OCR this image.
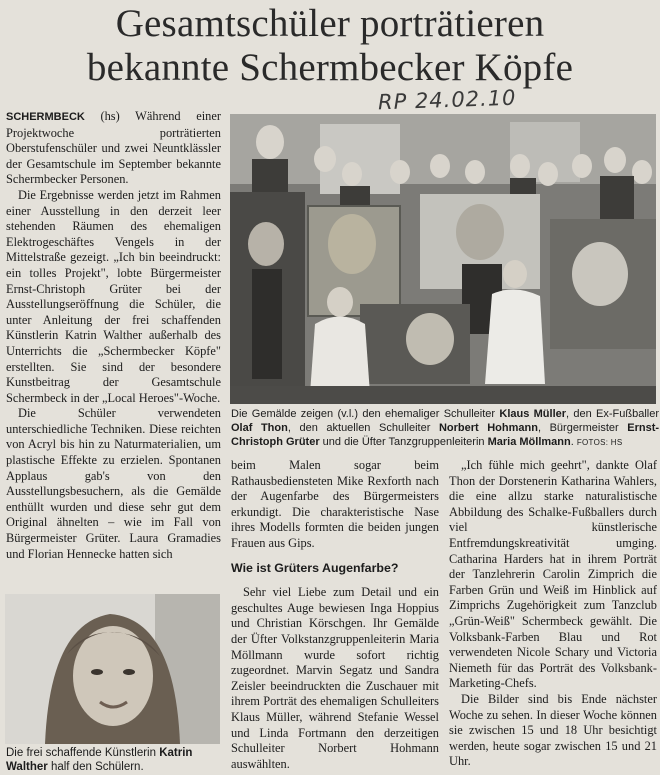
Gesamtschüler porträtieren
bekannte Schermbecker Köpfe
RP 24.02.10

SCHERMBECK (hs) Während einer Projektwoche porträtierten Oberstufenschüler und zwei Neuntklässler der Gesamtschule im September bekannte Schermbecker Personen.

Die Ergebnisse werden jetzt im Rahmen einer Ausstellung in den derzeit leer stehenden Räumen des ehemaligen Elektrogeschäftes Vengels in der Mittelstraße gezeigt. „Ich bin beeindruckt: ein tolles Projekt", lobte Bürgermeister Ernst-Christoph Grüter bei der Ausstellungseröffnung die Schüler, die unter Anleitung der frei schaffenden Künstlerin Katrin Walther außerhalb des Unterrichts die „Schermbecker Köpfe" erstellten. Sie sind der besondere Kunstbeitrag der Gesamtschule Schermbeck in der „Local Heroes"-Woche.

Die Schüler verwendeten unterschiedliche Techniken. Diese reichten von Acryl bis hin zu Naturmaterialien, um plastische Effekte zu erzielen. Spontanen Applaus gab's von den Ausstellungsbesuchern, als die Gemälde enthüllt wurden und diese sehr gut dem Original ähnelten – wie im Fall von Bürgermeister Grüter. Laura Gramadies und Florian Hennecke hatten sich

Die Gemälde zeigen (v.l.) den ehemaliger Schulleiter Klaus Müller, den Ex-Fußballer Olaf Thon, den aktuellen Schulleiter Norbert Hohmann, Bürgermeister Ernst-Christoph Grüter und die Üfter Tanzgruppenleiterin Maria Möllmann. FOTOS: HS

beim Malen sogar beim Rathausbediensteten Mike Rexforth nach der Augenfarbe des Bürgermeisters erkundigt. Die charakteristische Nase ihres Modells formten die beiden jungen Frauen aus Gips.

Wie ist Grüters Augenfarbe?

Sehr viel Liebe zum Detail und ein geschultes Auge bewiesen Inga Hoppius und Christian Körschgen. Ihr Gemälde der Üfter Volkstanzgruppenleiterin Maria Möllmann wurde sofort richtig zugeordnet. Marvin Segatz und Sandra Zeisler beeindruckten die Zuschauer mit ihrem Porträt des ehemaligen Schulleiters Klaus Müller, während Stefanie Wessel und Linda Fortmann den derzeitigen Schulleiter Norbert Hohmann auswählten.

„Ich fühle mich geehrt", dankte Olaf Thon der Dorstenerin Katharina Wahlers, die eine allzu starke naturalistische Abbildung des Schalke-Fußballers durch viel künstlerische Entfremdungskreativität umging. Catharina Harders hat in ihrem Porträt der Tanzlehrerin Carolin Zimprich die Farben Grün und Weiß im Hinblick auf Zimprichs Zugehörigkeit zum Tanzclub „Grün-Weiß" Schermbeck gewählt. Die Volksbank-Farben Blau und Rot verwendeten Nicole Schary und Victoria Niemeth für das Porträt des Volksbank-Marketing-Chefs.

Die Bilder sind bis Ende nächster Woche zu sehen. In dieser Woche können sie zwischen 15 und 18 Uhr besichtigt werden, heute sogar zwischen 15 und 21 Uhr.

Die frei schaffende Künstlerin Katrin Walther half den Schülern.
